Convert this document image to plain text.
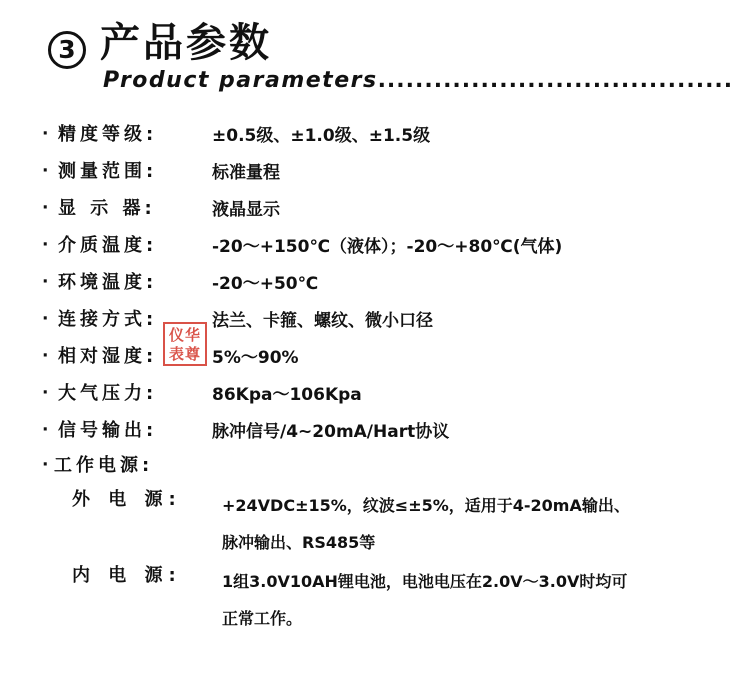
3 产品参数
Product parameters......................................
· 精度等级:	±0.5级、±1.0级、±1.5级
· 测量范围:	标准量程
· 显 示 器:	液晶显示
· 介质温度:	-20～+150℃（液体）；-20～+80℃(气体)
· 环境温度:	-20～+50℃
· 连接方式:	法兰、卡箍、螺纹、微小口径
· 相对湿度:	5%～90%
· 大气压力:	86Kpa～106Kpa
· 信号输出:	脉冲信号/4~20mA/Hart协议
· 工作电源:
外 电 源:	+24VDC±15%，纹波≤±5%，适用于4-20mA输出、
脉冲输出、RS485等
内 电 源:	1组3.0V10AH锂电池，电池电压在2.0V～3.0V时均可
正常工作。
仪华
表尊
